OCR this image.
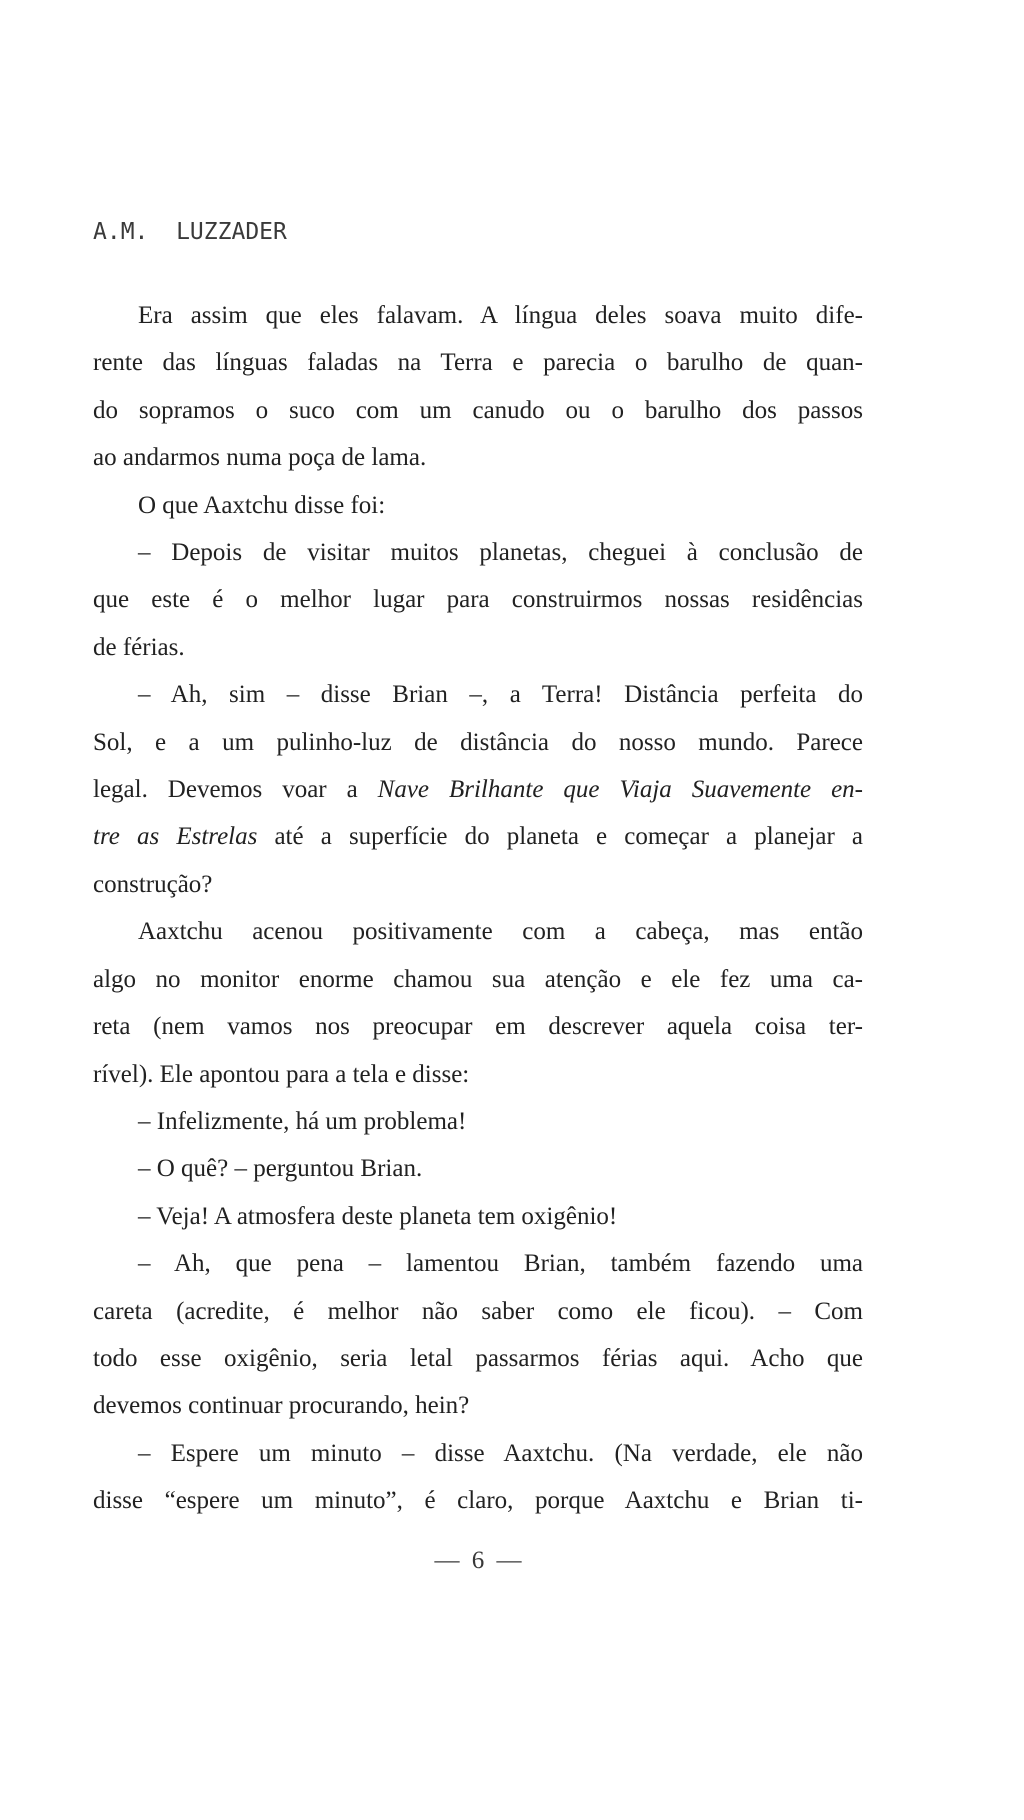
A.M.  LUZZADER
Era assim que eles falavam. A língua deles soava muito dife-
rente das línguas faladas na Terra e parecia o barulho de quan-
do sopramos o suco com um canudo ou o barulho dos passos
ao andarmos numa poça de lama.
O que Aaxtchu disse foi:
– Depois de visitar muitos planetas, cheguei à conclusão de
que este é o melhor lugar para construirmos nossas residências
de férias.
– Ah, sim – disse Brian –, a Terra! Distância perfeita do
Sol, e a um pulinho-luz de distância do nosso mundo. Parece
legal. Devemos voar a Nave Brilhante que Viaja Suavemente en-
tre as Estrelas até a superfície do planeta e começar a planejar a
construção?
Aaxtchu acenou positivamente com a cabeça, mas então
algo no monitor enorme chamou sua atenção e ele fez uma ca-
reta (nem vamos nos preocupar em descrever aquela coisa ter-
rível). Ele apontou para a tela e disse:
– Infelizmente, há um problema!
– O quê? – perguntou Brian.
– Veja! A atmosfera deste planeta tem oxigênio!
– Ah, que pena – lamentou Brian, também fazendo uma
careta (acredite, é melhor não saber como ele ficou). – Com
todo esse oxigênio, seria letal passarmos férias aqui. Acho que
devemos continuar procurando, hein?
– Espere um minuto – disse Aaxtchu. (Na verdade, ele não
disse “espere um minuto”, é claro, porque Aaxtchu e Brian ti-
— 6 —
